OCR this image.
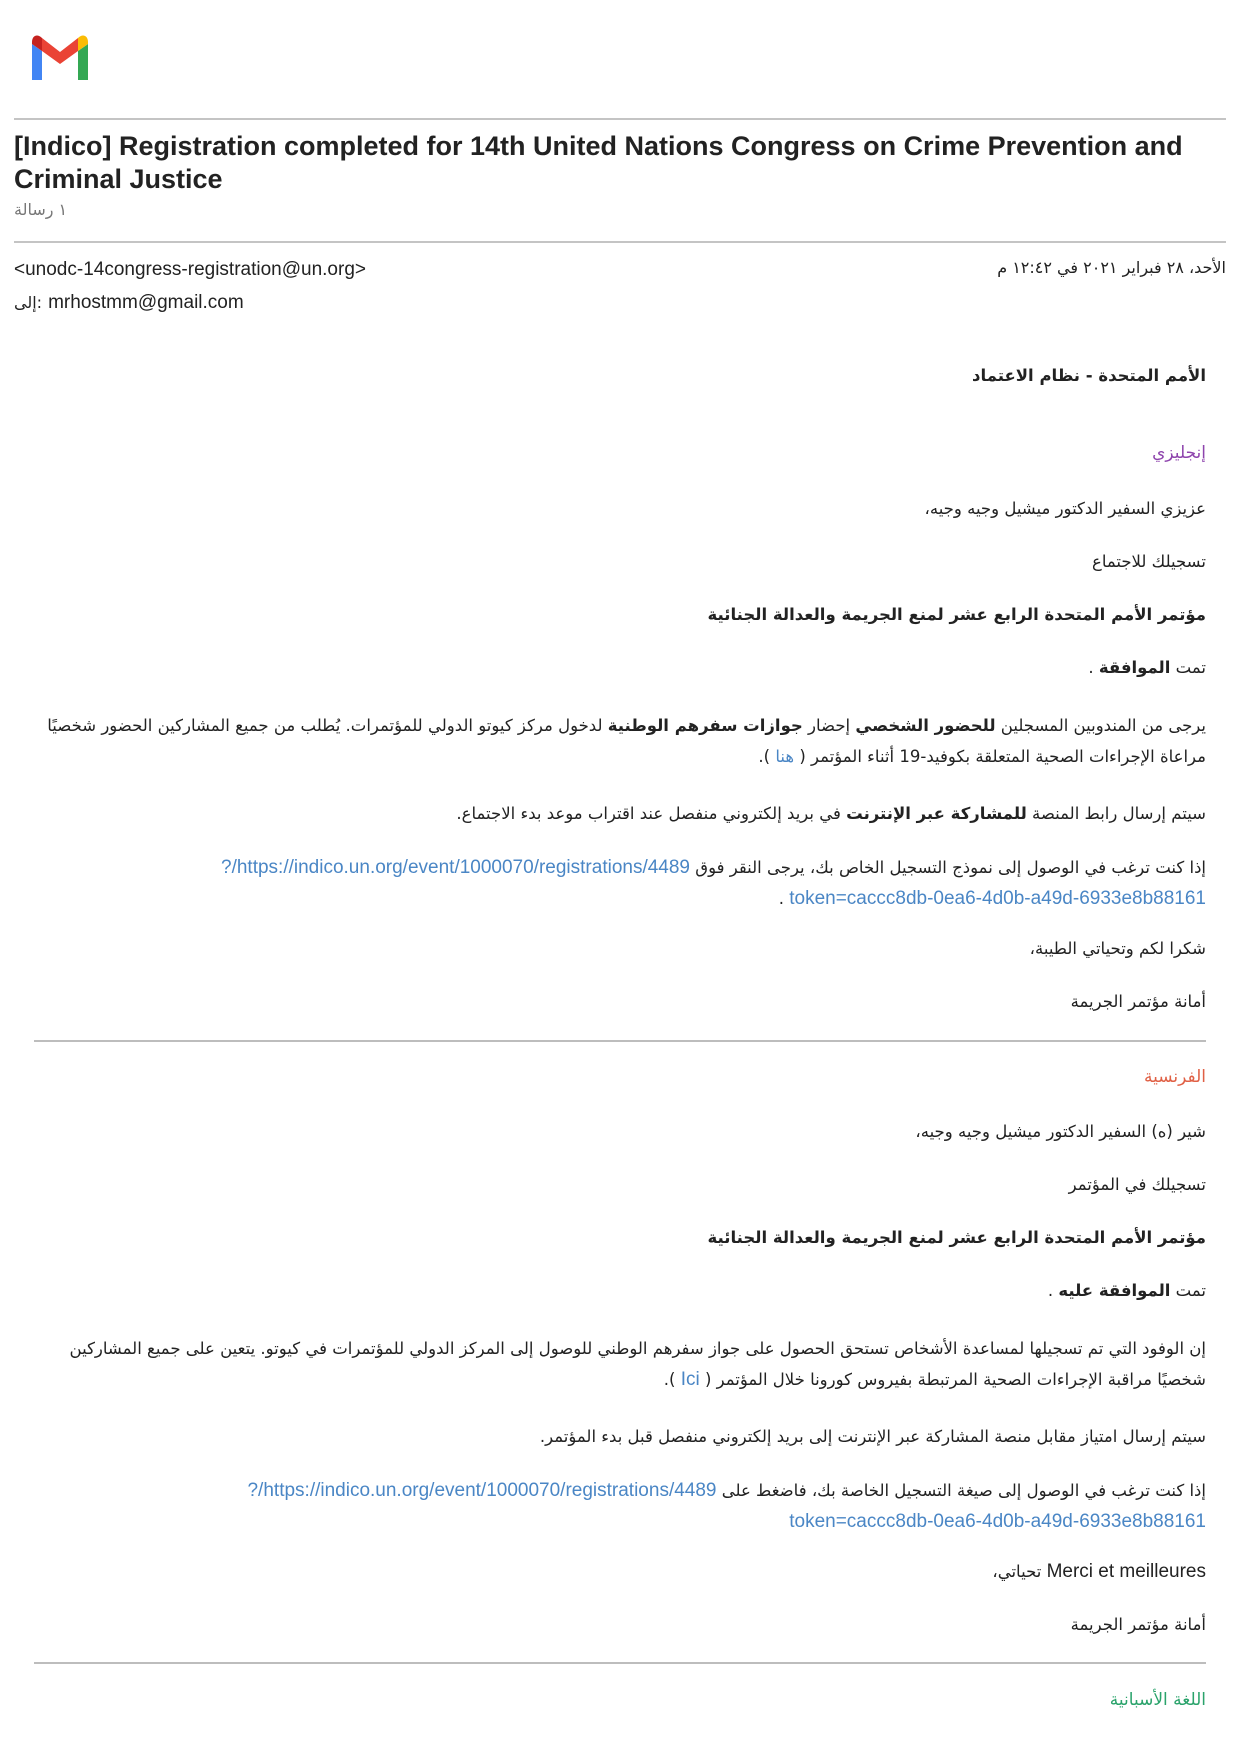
[Indico] Registration completed for 14th United Nations Congress on Crime Prevention and Criminal Justice
١ رسالة
<unodc-14congress-registration@un.org>	الأحد، ٢٨ فبراير ٢٠٢١ في ١٢:٤٢ م
إلى: mrhostmm@gmail.com

الأمم المتحدة - نظام الاعتماد

إنجليزي

عزيزي السفير الدكتور ميشيل وجيه وجيه،

تسجيلك للاجتماع

مؤتمر الأمم المتحدة الرابع عشر لمنع الجريمة والعدالة الجنائية

تمت الموافقة .

يرجى من المندوبين المسجلين للحضور الشخصي إحضار جوازات سفرهم الوطنية لدخول مركز كيوتو الدولي للمؤتمرات. يُطلب من جميع المشاركين الحضور شخصيًا مراعاة الإجراءات الصحية المتعلقة بكوفيد-19 أثناء المؤتمر ( هنا ).

سيتم إرسال رابط المنصة للمشاركة عبر الإنترنت في بريد إلكتروني منفصل عند اقتراب موعد بدء الاجتماع.

إذا كنت ترغب في الوصول إلى نموذج التسجيل الخاص بك، يرجى النقر فوق https://indico.un.org/event/1000070/registrations/4489/?
token=caccc8db-0ea6-4d0b-a49d-6933e8b88161 .

شكرا لكم وتحياتي الطيبة،

أمانة مؤتمر الجريمة

الفرنسية

شير (ه) السفير الدكتور ميشيل وجيه وجيه،

تسجيلك في المؤتمر

مؤتمر الأمم المتحدة الرابع عشر لمنع الجريمة والعدالة الجنائية

تمت الموافقة عليه .

إن الوفود التي تم تسجيلها لمساعدة الأشخاص تستحق الحصول على جواز سفرهم الوطني للوصول إلى المركز الدولي للمؤتمرات في كيوتو. يتعين على جميع المشاركين شخصيًا مراقبة الإجراءات الصحية المرتبطة بفيروس كورونا خلال المؤتمر ( Ici ).

سيتم إرسال امتياز مقابل منصة المشاركة عبر الإنترنت إلى بريد إلكتروني منفصل قبل بدء المؤتمر.

إذا كنت ترغب في الوصول إلى صيغة التسجيل الخاصة بك، فاضغط على https://indico.un.org/event/1000070/registrations/4489/?
token=caccc8db-0ea6-4d0b-a49d-6933e8b88161

Merci et meilleures تحياتي،

أمانة مؤتمر الجريمة

اللغة الأسبانية
